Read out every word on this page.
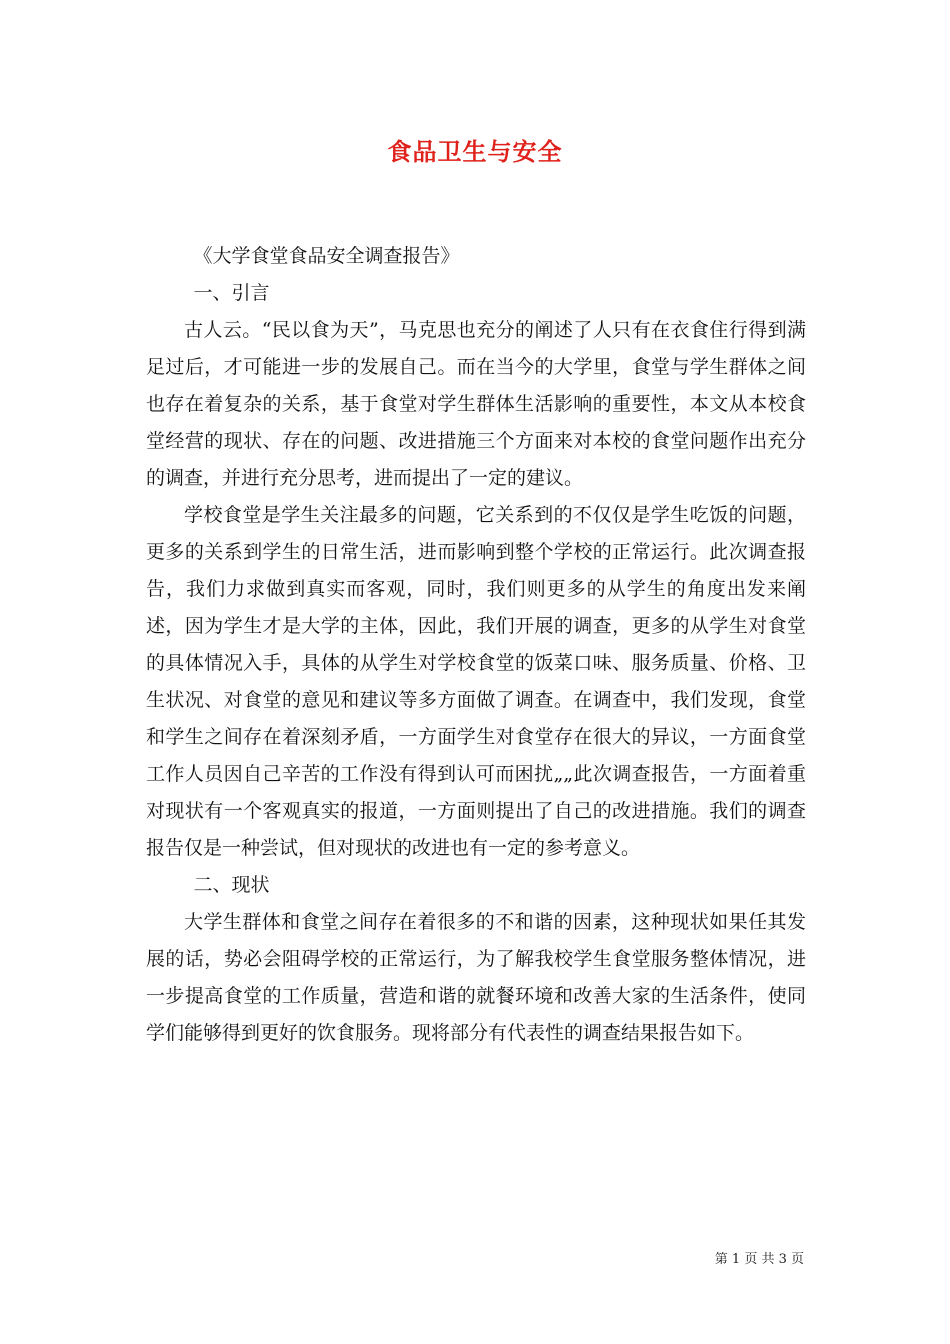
食品卫生与安全

《大学食堂食品安全调查报告》

一、引言

古人云。“民以食为天”，马克思也充分的阐述了人只有在衣食住行得到满足过后，才可能进一步的发展自己。而在当今的大学里，食堂与学生群体之间也存在着复杂的关系，基于食堂对学生群体生活影响的重要性，本文从本校食堂经营的现状、存在的问题、改进措施三个方面来对本校的食堂问题作出充分的调查，并进行充分思考，进而提出了一定的建议。

学校食堂是学生关注最多的问题，它关系到的不仅仅是学生吃饭的问题，更多的关系到学生的日常生活，进而影响到整个学校的正常运行。此次调查报告，我们力求做到真实而客观，同时，我们则更多的从学生的角度出发来阐述，因为学生才是大学的主体，因此，我们开展的调查，更多的从学生对食堂的具体情况入手，具体的从学生对学校食堂的饭菜口味、服务质量、价格、卫生状况、对食堂的意见和建议等多方面做了调查。在调查中，我们发现，食堂和学生之间存在着深刻矛盾，一方面学生对食堂存在很大的异议，一方面食堂工作人员因自己辛苦的工作没有得到认可而困扰„„此次调查报告，一方面着重对现状有一个客观真实的报道，一方面则提出了自己的改进措施。我们的调查报告仅是一种尝试，但对现状的改进也有一定的参考意义。

二、现状

大学生群体和食堂之间存在着很多的不和谐的因素，这种现状如果任其发展的话，势必会阻碍学校的正常运行，为了解我校学生食堂服务整体情况，进一步提高食堂的工作质量，营造和谐的就餐环境和改善大家的生活条件，使同学们能够得到更好的饮食服务。现将部分有代表性的调查结果报告如下。

第 1 页 共 3 页
